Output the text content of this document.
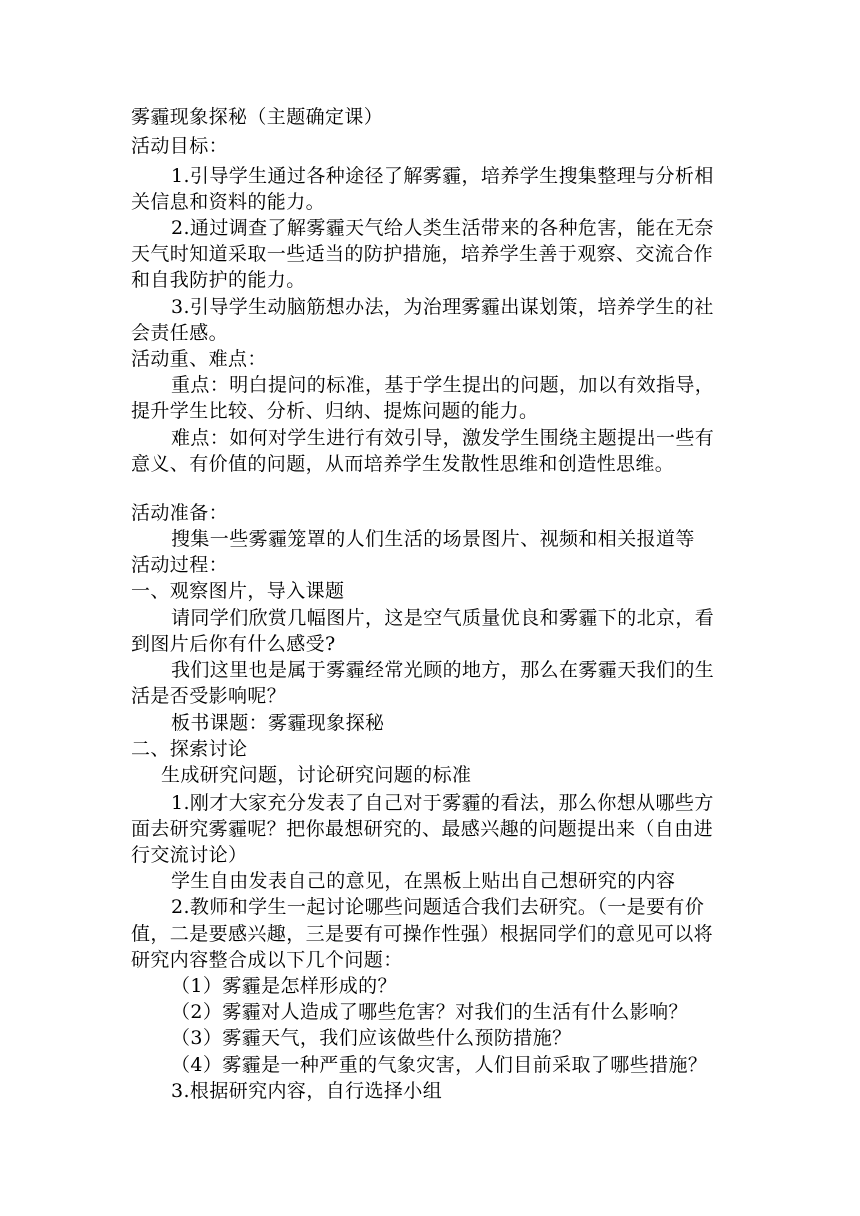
雾霾现象探秘（主题确定课）
活动目标：
1.引导学生通过各种途径了解雾霾，培养学生搜集整理与分析相
关信息和资料的能力。
2.通过调查了解雾霾天气给人类生活带来的各种危害，能在无奈
天气时知道采取一些适当的防护措施，培养学生善于观察、交流合作
和自我防护的能力。
3.引导学生动脑筋想办法，为治理雾霾出谋划策，培养学生的社
会责任感。
活动重、难点：
重点：明白提问的标准，基于学生提出的问题，加以有效指导，
提升学生比较、分析、归纳、提炼问题的能力。
难点：如何对学生进行有效引导，激发学生围绕主题提出一些有
意义、有价值的问题，从而培养学生发散性思维和创造性思维。
活动准备：
搜集一些雾霾笼罩的人们生活的场景图片、视频和相关报道等
活动过程：
一、观察图片，导入课题
请同学们欣赏几幅图片，这是空气质量优良和雾霾下的北京，看
到图片后你有什么感受?
我们这里也是属于雾霾经常光顾的地方，那么在雾霾天我们的生
活是否受影响呢？
板书课题：雾霾现象探秘
二、探索讨论
生成研究问题，讨论研究问题的标准
1.刚才大家充分发表了自己对于雾霾的看法，那么你想从哪些方
面去研究雾霾呢？把你最想研究的、最感兴趣的问题提出来（自由进
行交流讨论）
学生自由发表自己的意见，在黑板上贴出自己想研究的内容
2.教师和学生一起讨论哪些问题适合我们去研究。（一是要有价
值，二是要感兴趣，三是要有可操作性强）根据同学们的意见可以将
研究内容整合成以下几个问题：
（1）雾霾是怎样形成的？
（2）雾霾对人造成了哪些危害？对我们的生活有什么影响？
（3）雾霾天气，我们应该做些什么预防措施？
（4）雾霾是一种严重的气象灾害，人们目前采取了哪些措施？
3.根据研究内容，自行选择小组
